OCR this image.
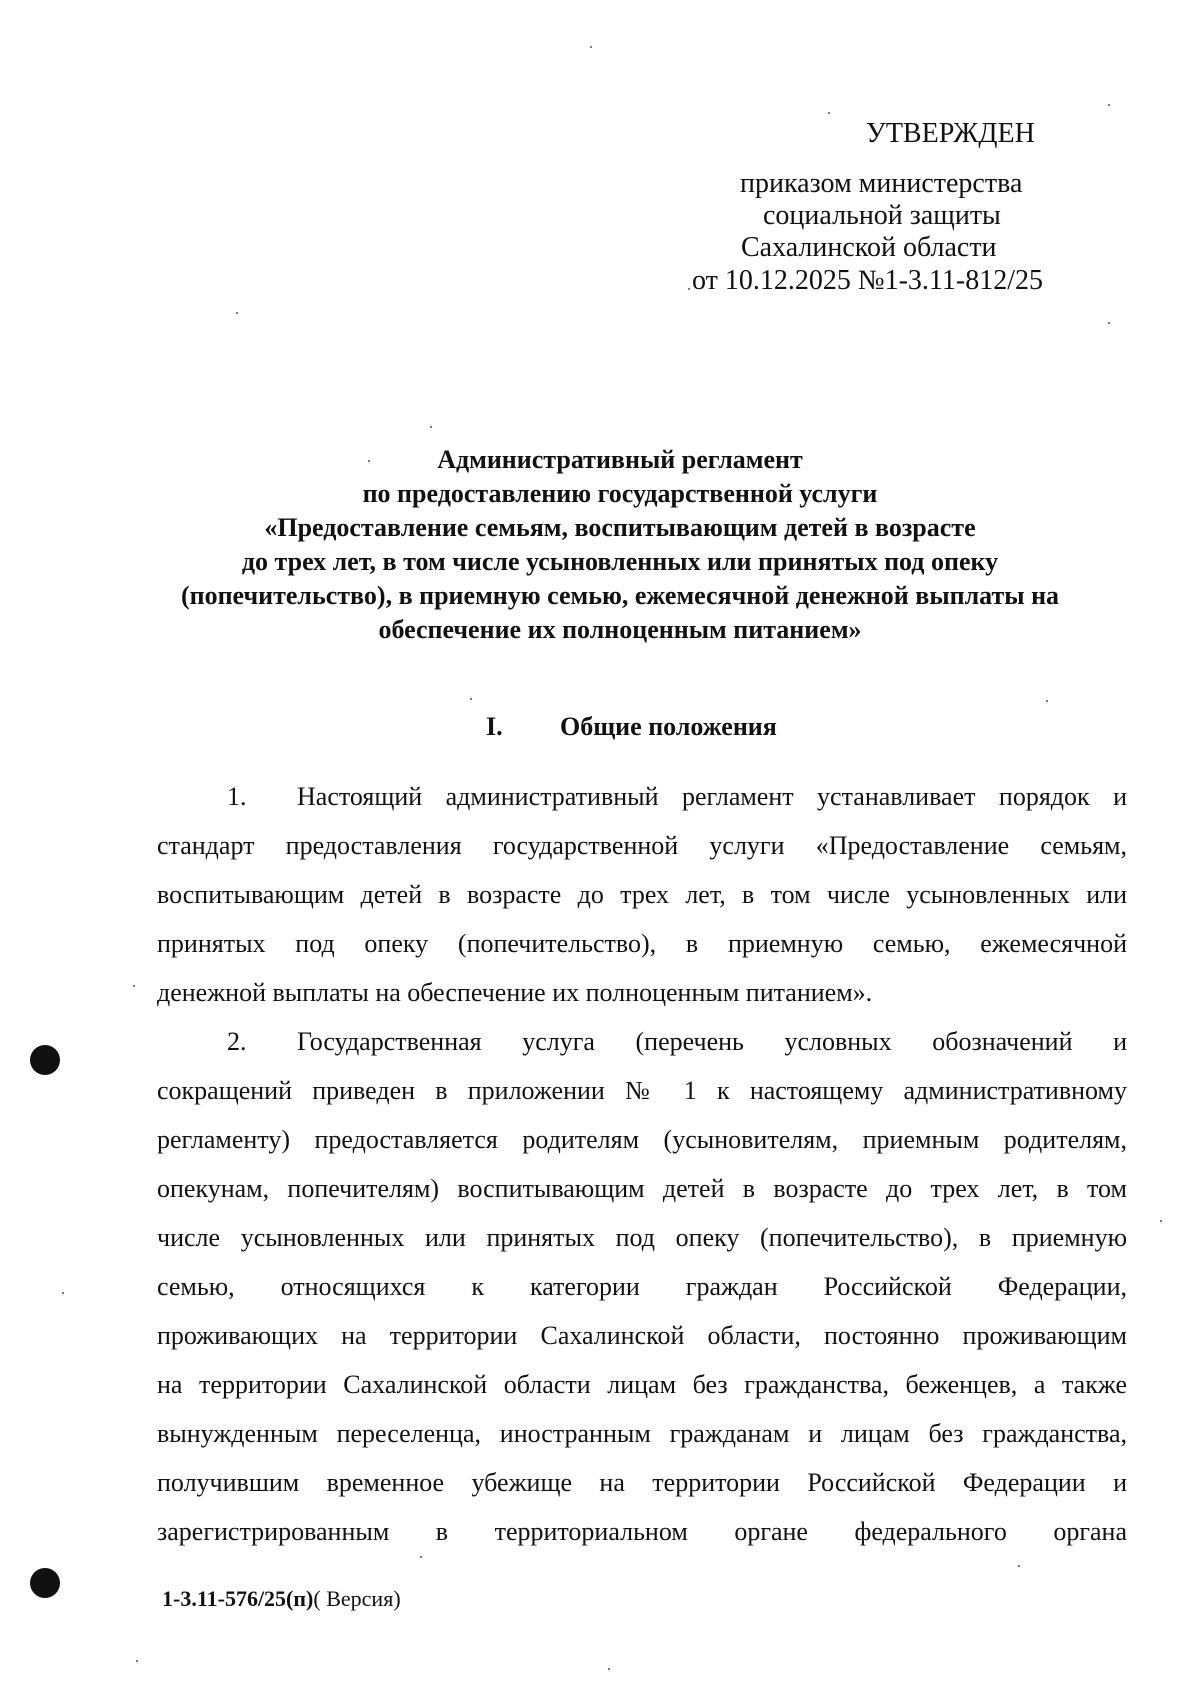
УТВЕРЖДЕН
приказом министерства
социальной защиты
Сахалинской области
от 10.12.2025 №1-3.11-812/25
Административный регламент
по предоставлению государственной услуги
«Предоставление семьям, воспитывающим детей в возрасте
до трех лет, в том числе усыновленных или принятых под опеку
(попечительство), в приемную семью, ежемесячной денежной выплаты на
обеспечение их полноценным питанием»
I. Общие положения
1.	Настоящий административный регламент устанавливает порядок и
стандарт предоставления государственной услуги «Предоставление семьям,
воспитывающим детей в возрасте до трех лет, в том числе усыновленных или
принятых под опеку (попечительство), в приемную семью, ежемесячной
денежной выплаты на обеспечение их полноценным питанием».
2.	Государственная услуга (перечень условных обозначений и
сокращений приведен в приложении № 1 к настоящему административному
регламенту) предоставляется родителям (усыновителям, приемным родителям,
опекунам, попечителям) воспитывающим детей в возрасте до трех лет, в том
числе усыновленных или принятых под опеку (попечительство), в приемную
семью, относящихся к категории граждан Российской Федерации,
проживающих на территории Сахалинской области, постоянно проживающим
на территории Сахалинской области лицам без гражданства, беженцев, а также
вынужденным переселенца, иностранным гражданам и лицам без гражданства,
получившим временное убежище на территории Российской Федерации и
зарегистрированным в территориальном органе федерального органа
1-3.11-576/25(п)( Версия)
